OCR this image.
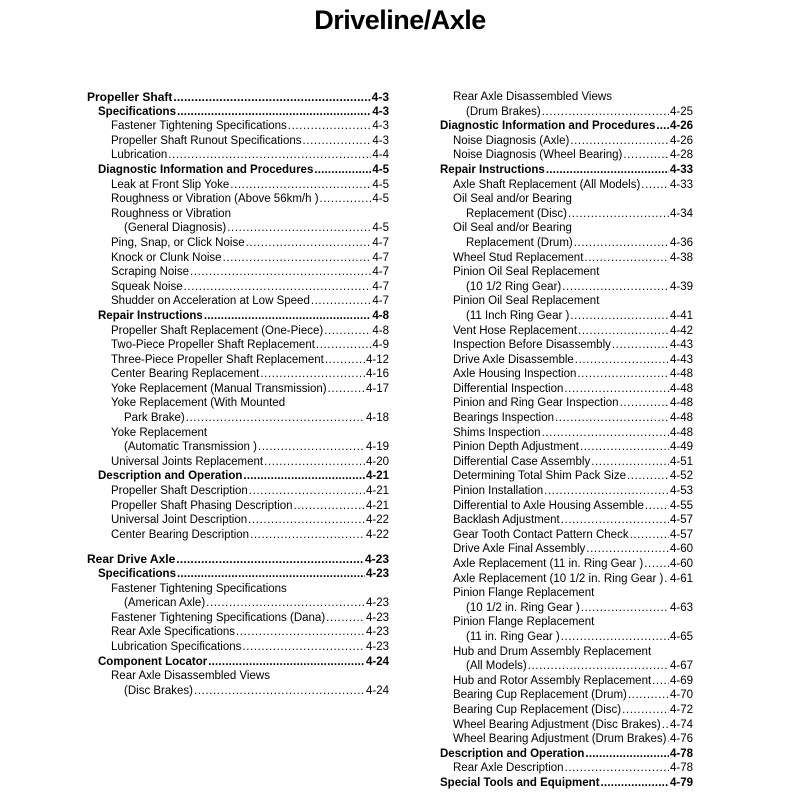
Driveline/Axle
Propeller Shaft .....	4-3
Specifications .....	4-3
Fastener Tightening Specifications .....	4-3
Propeller Shaft Runout Specifications .....	4-3
Lubrication .....	4-4
Diagnostic Information and Procedures .....	4-5
Leak at Front Slip Yoke .....	4-5
Roughness or Vibration (Above 56km/h ) .....	4-5
Roughness or Vibration
(General Diagnosis) .....	4-5
Ping, Snap, or Click Noise .....	4-7
Knock or Clunk Noise .....	4-7
Scraping Noise .....	4-7
Squeak Noise .....	4-7
Shudder on Acceleration at Low Speed .....	4-7
Repair Instructions .....	4-8
Propeller Shaft Replacement (One-Piece) .....	4-8
Two-Piece Propeller Shaft Replacement .....	4-9
Three-Piece Propeller Shaft Replacement .....	4-12
Center Bearing Replacement .....	4-16
Yoke Replacement (Manual Transmission) .....	4-17
Yoke Replacement (With Mounted
Park Brake) .....	4-18
Yoke Replacement
(Automatic Transmission ) .....	4-19
Universal Joints Replacement .....	4-20
Description and Operation .....	4-21
Propeller Shaft Description .....	4-21
Propeller Shaft Phasing Description .....	4-21
Universal Joint Description .....	4-22
Center Bearing Description .....	4-22
Rear Drive Axle .....	4-23
Specifications .....	4-23
Fastener Tightening Specifications
(American Axle) .....	4-23
Fastener Tightening Specifications (Dana) .....	4-23
Rear Axle Specifications .....	4-23
Lubrication Specifications .....	4-23
Component Locator .....	4-24
Rear Axle Disassembled Views
(Disc Brakes) .....	4-24
Rear Axle Disassembled Views
(Drum Brakes) .....	4-25
Diagnostic Information and Procedures ..... 4-26
Noise Diagnosis (Axle) .....	4-26
Noise Diagnosis (Wheel Bearing) .....	4-28
Repair Instructions .....	4-33
Axle Shaft Replacement (All Models) .....	4-33
Oil Seal and/or Bearing
Replacement (Disc) .....	4-34
Oil Seal and/or Bearing
Replacement (Drum) .....	4-36
Wheel Stud Replacement .....	4-38
Pinion Oil Seal Replacement
(10 1/2 Ring Gear) .....	4-39
Pinion Oil Seal Replacement
(11 Inch Ring Gear ) .....	4-41
Vent Hose Replacement .....	4-42
Inspection Before Disassembly .....	4-43
Drive Axle Disassemble .....	4-43
Axle Housing Inspection .....	4-48
Differential Inspection .....	4-48
Pinion and Ring Gear Inspection .....	4-48
Bearings Inspection .....	4-48
Shims Inspection .....	4-48
Pinion Depth Adjustment .....	4-49
Differential Case Assembly .....	4-51
Determining Total Shim Pack Size .....	4-52
Pinion Installation .....	4-53
Differential to Axle Housing Assemble ..... 4-55
Backlash Adjustment .....	4-57
Gear Tooth Contact Pattern Check .....	4-57
Drive Axle Final Assembly .....	4-60
Axle Replacement (11 in. Ring Gear ) ..... 4-60
Axle Replacement (10 1/2 in. Ring Gear ) ..... 4-61
Pinion Flange Replacement
(10 1/2 in. Ring Gear ) .....	4-63
Pinion Flange Replacement
(11 in. Ring Gear ) .....	4-65
Hub and Drum Assembly Replacement
(All Models) .....	4-67
Hub and Rotor Assembly Replacement ..... 4-69
Bearing Cup Replacement (Drum) .....	4-70
Bearing Cup Replacement (Disc) .....	4-72
Wheel Bearing Adjustment (Disc Brakes) ..... 4-74
Wheel Bearing Adjustment (Drum Brakes) ..... 4-76
Description and Operation .....	4-78
Rear Axle Description .....	4-78
Special Tools and Equipment .....	4-79
